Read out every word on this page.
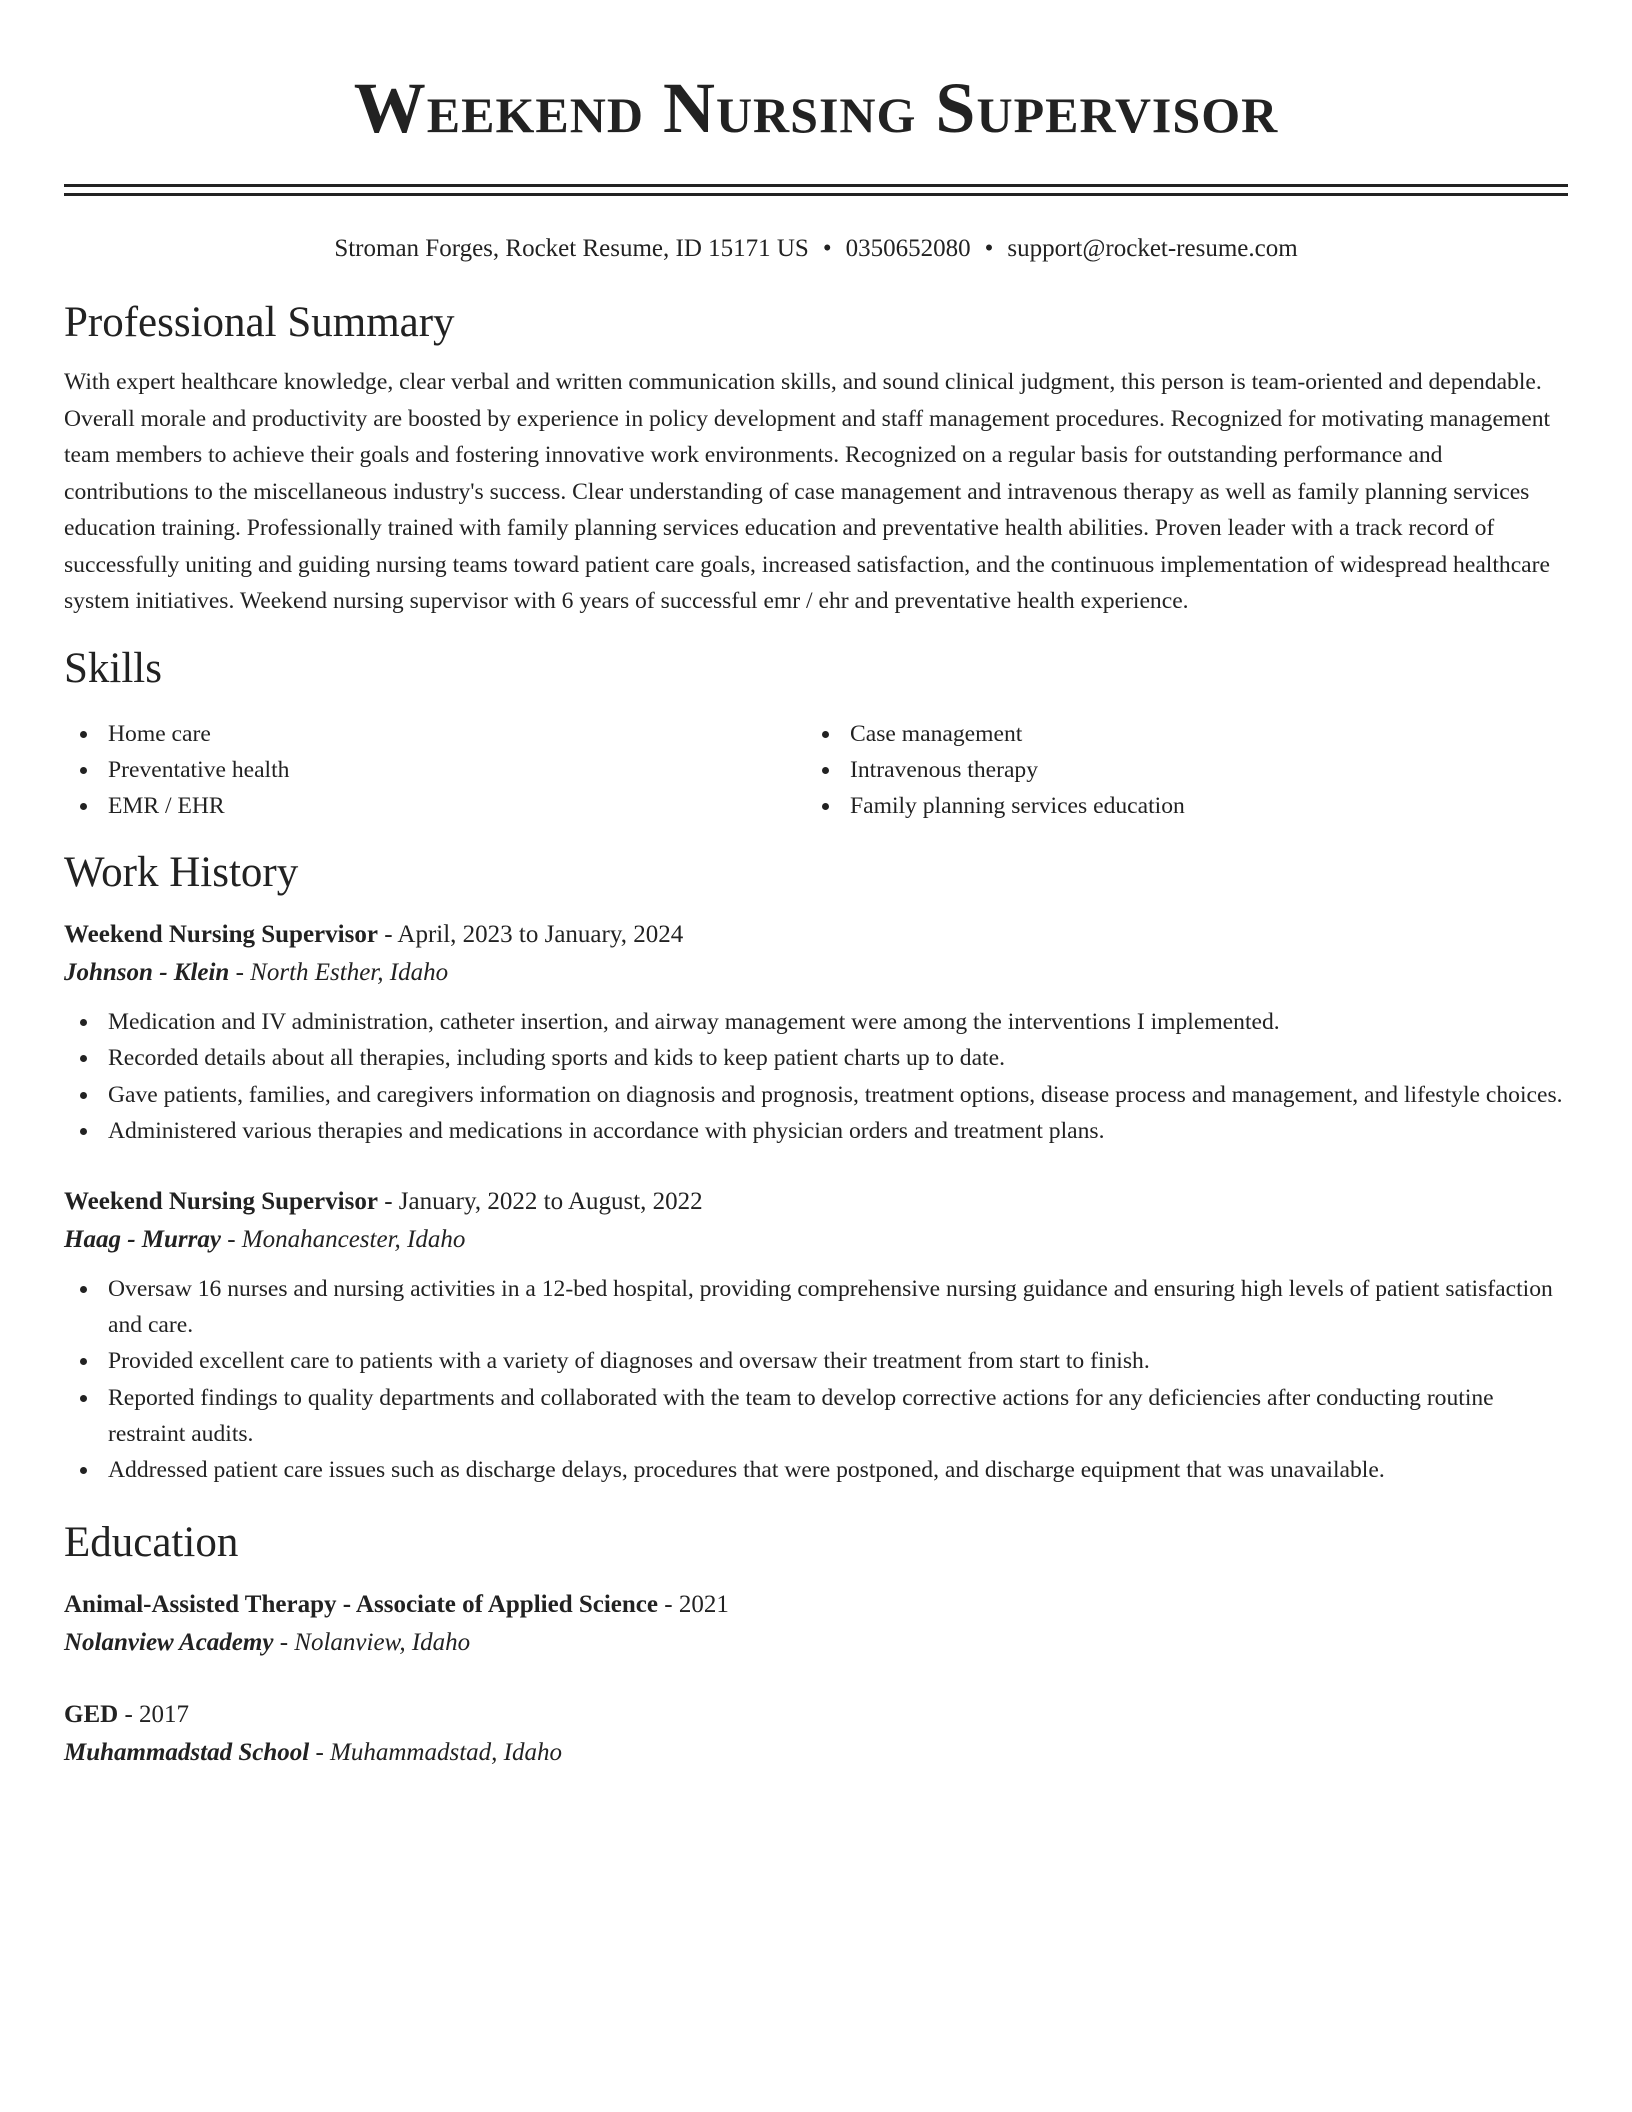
Weekend Nursing Supervisor
Stroman Forges, Rocket Resume, ID 15171 US • 0350652080 • support@rocket-resume.com
Professional Summary
With expert healthcare knowledge, clear verbal and written communication skills, and sound clinical judgment, this person is team-oriented and dependable. Overall morale and productivity are boosted by experience in policy development and staff management procedures. Recognized for motivating management team members to achieve their goals and fostering innovative work environments. Recognized on a regular basis for outstanding performance and contributions to the miscellaneous industry's success. Clear understanding of case management and intravenous therapy as well as family planning services education training. Professionally trained with family planning services education and preventative health abilities. Proven leader with a track record of successfully uniting and guiding nursing teams toward patient care goals, increased satisfaction, and the continuous implementation of widespread healthcare system initiatives. Weekend nursing supervisor with 6 years of successful emr / ehr and preventative health experience.
Skills
Home care
Preventative health
EMR / EHR
Case management
Intravenous therapy
Family planning services education
Work History
Weekend Nursing Supervisor - April, 2023 to January, 2024
Johnson - Klein - North Esther, Idaho
Medication and IV administration, catheter insertion, and airway management were among the interventions I implemented.
Recorded details about all therapies, including sports and kids to keep patient charts up to date.
Gave patients, families, and caregivers information on diagnosis and prognosis, treatment options, disease process and management, and lifestyle choices.
Administered various therapies and medications in accordance with physician orders and treatment plans.
Weekend Nursing Supervisor - January, 2022 to August, 2022
Haag - Murray - Monahancester, Idaho
Oversaw 16 nurses and nursing activities in a 12-bed hospital, providing comprehensive nursing guidance and ensuring high levels of patient satisfaction and care.
Provided excellent care to patients with a variety of diagnoses and oversaw their treatment from start to finish.
Reported findings to quality departments and collaborated with the team to develop corrective actions for any deficiencies after conducting routine restraint audits.
Addressed patient care issues such as discharge delays, procedures that were postponed, and discharge equipment that was unavailable.
Education
Animal-Assisted Therapy - Associate of Applied Science - 2021
Nolanview Academy - Nolanview, Idaho
GED - 2017
Muhammadstad School - Muhammadstad, Idaho
